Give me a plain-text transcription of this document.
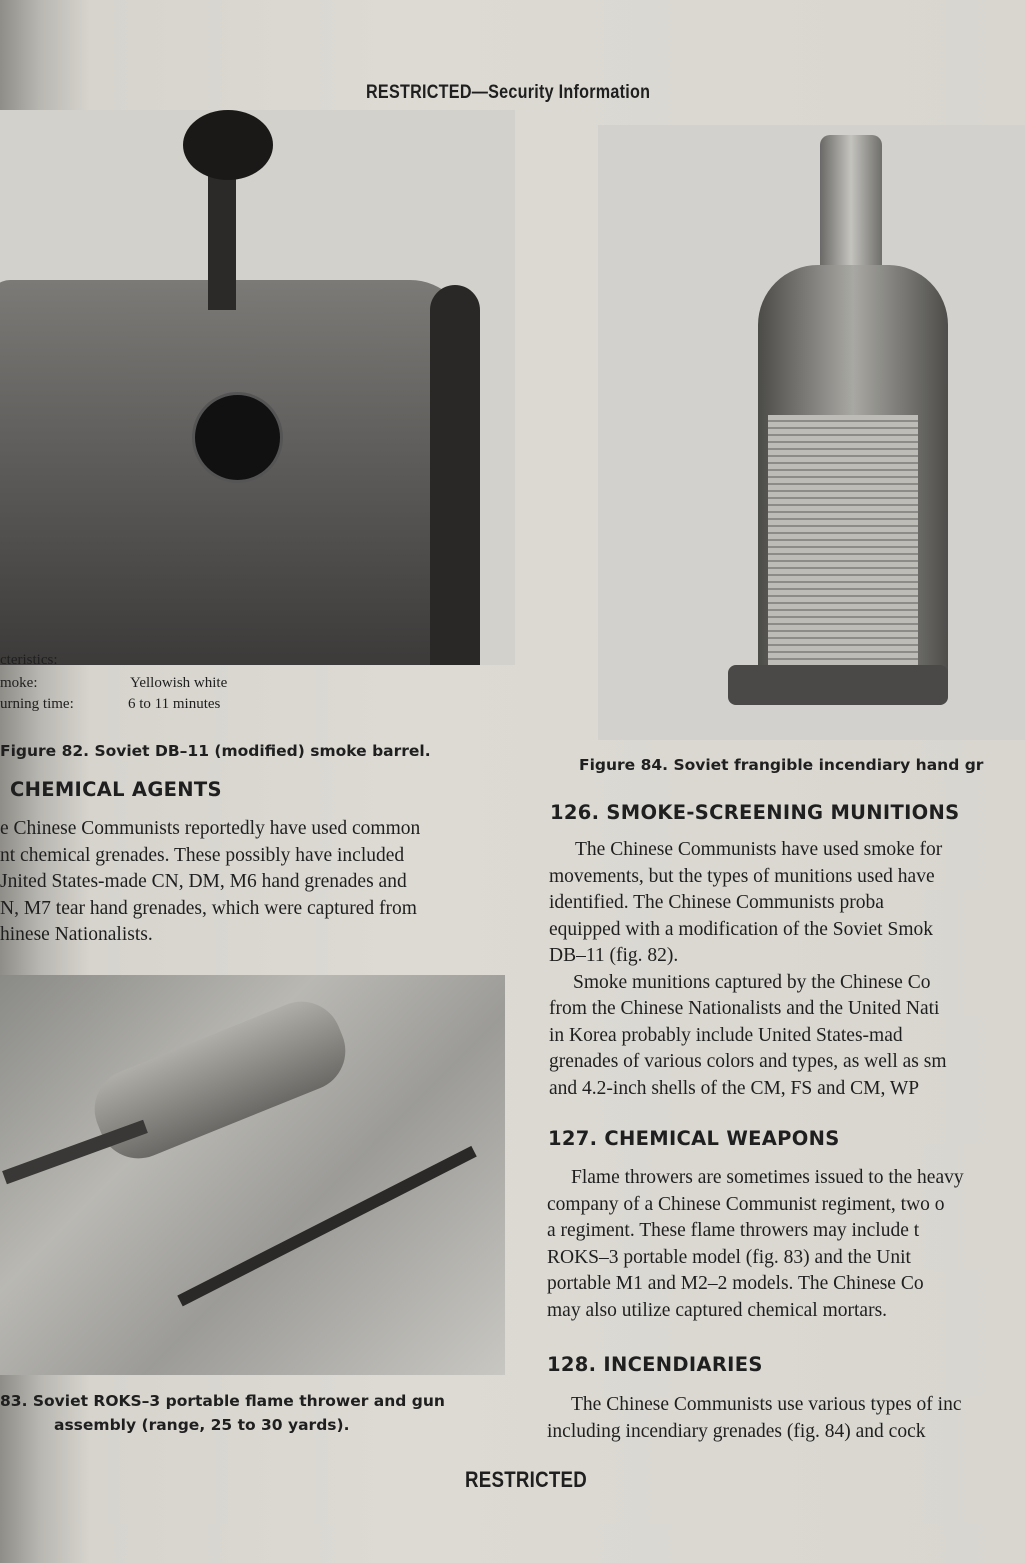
RESTRICTED—Security Information
cteristics:
moke:	Yellowish white
urning time:	6 to 11 minutes
Figure 82. Soviet DB–11 (modified) smoke barrel.
CHEMICAL AGENTS
e Chinese Communists reportedly have used common
nt chemical grenades. These possibly have included
Jnited States-made CN, DM, M6 hand grenades and
N, M7 tear hand grenades, which were captured from
hinese Nationalists.
83. Soviet ROKS–3 portable flame thrower and gun
assembly (range, 25 to 30 yards).
Figure 84. Soviet frangible incendiary hand gr
126. SMOKE-SCREENING MUNITIONS
The Chinese Communists have used smoke for
movements, but the types of munitions used have
identified. The Chinese Communists proba
equipped with a modification of the Soviet Smok
DB–11 (fig. 82).
Smoke munitions captured by the Chinese Co
from the Chinese Nationalists and the United Nati
in Korea probably include United States-mad
grenades of various colors and types, as well as sm
and 4.2-inch shells of the CM, FS and CM, WP
127. CHEMICAL WEAPONS
Flame throwers are sometimes issued to the heavy
company of a Chinese Communist regiment, two o
a regiment. These flame throwers may include t
ROKS–3 portable model (fig. 83) and the Unit
portable M1 and M2–2 models. The Chinese Co
may also utilize captured chemical mortars.
128. INCENDIARIES
The Chinese Communists use various types of inc
including incendiary grenades (fig. 84) and cock
RESTRICTED
